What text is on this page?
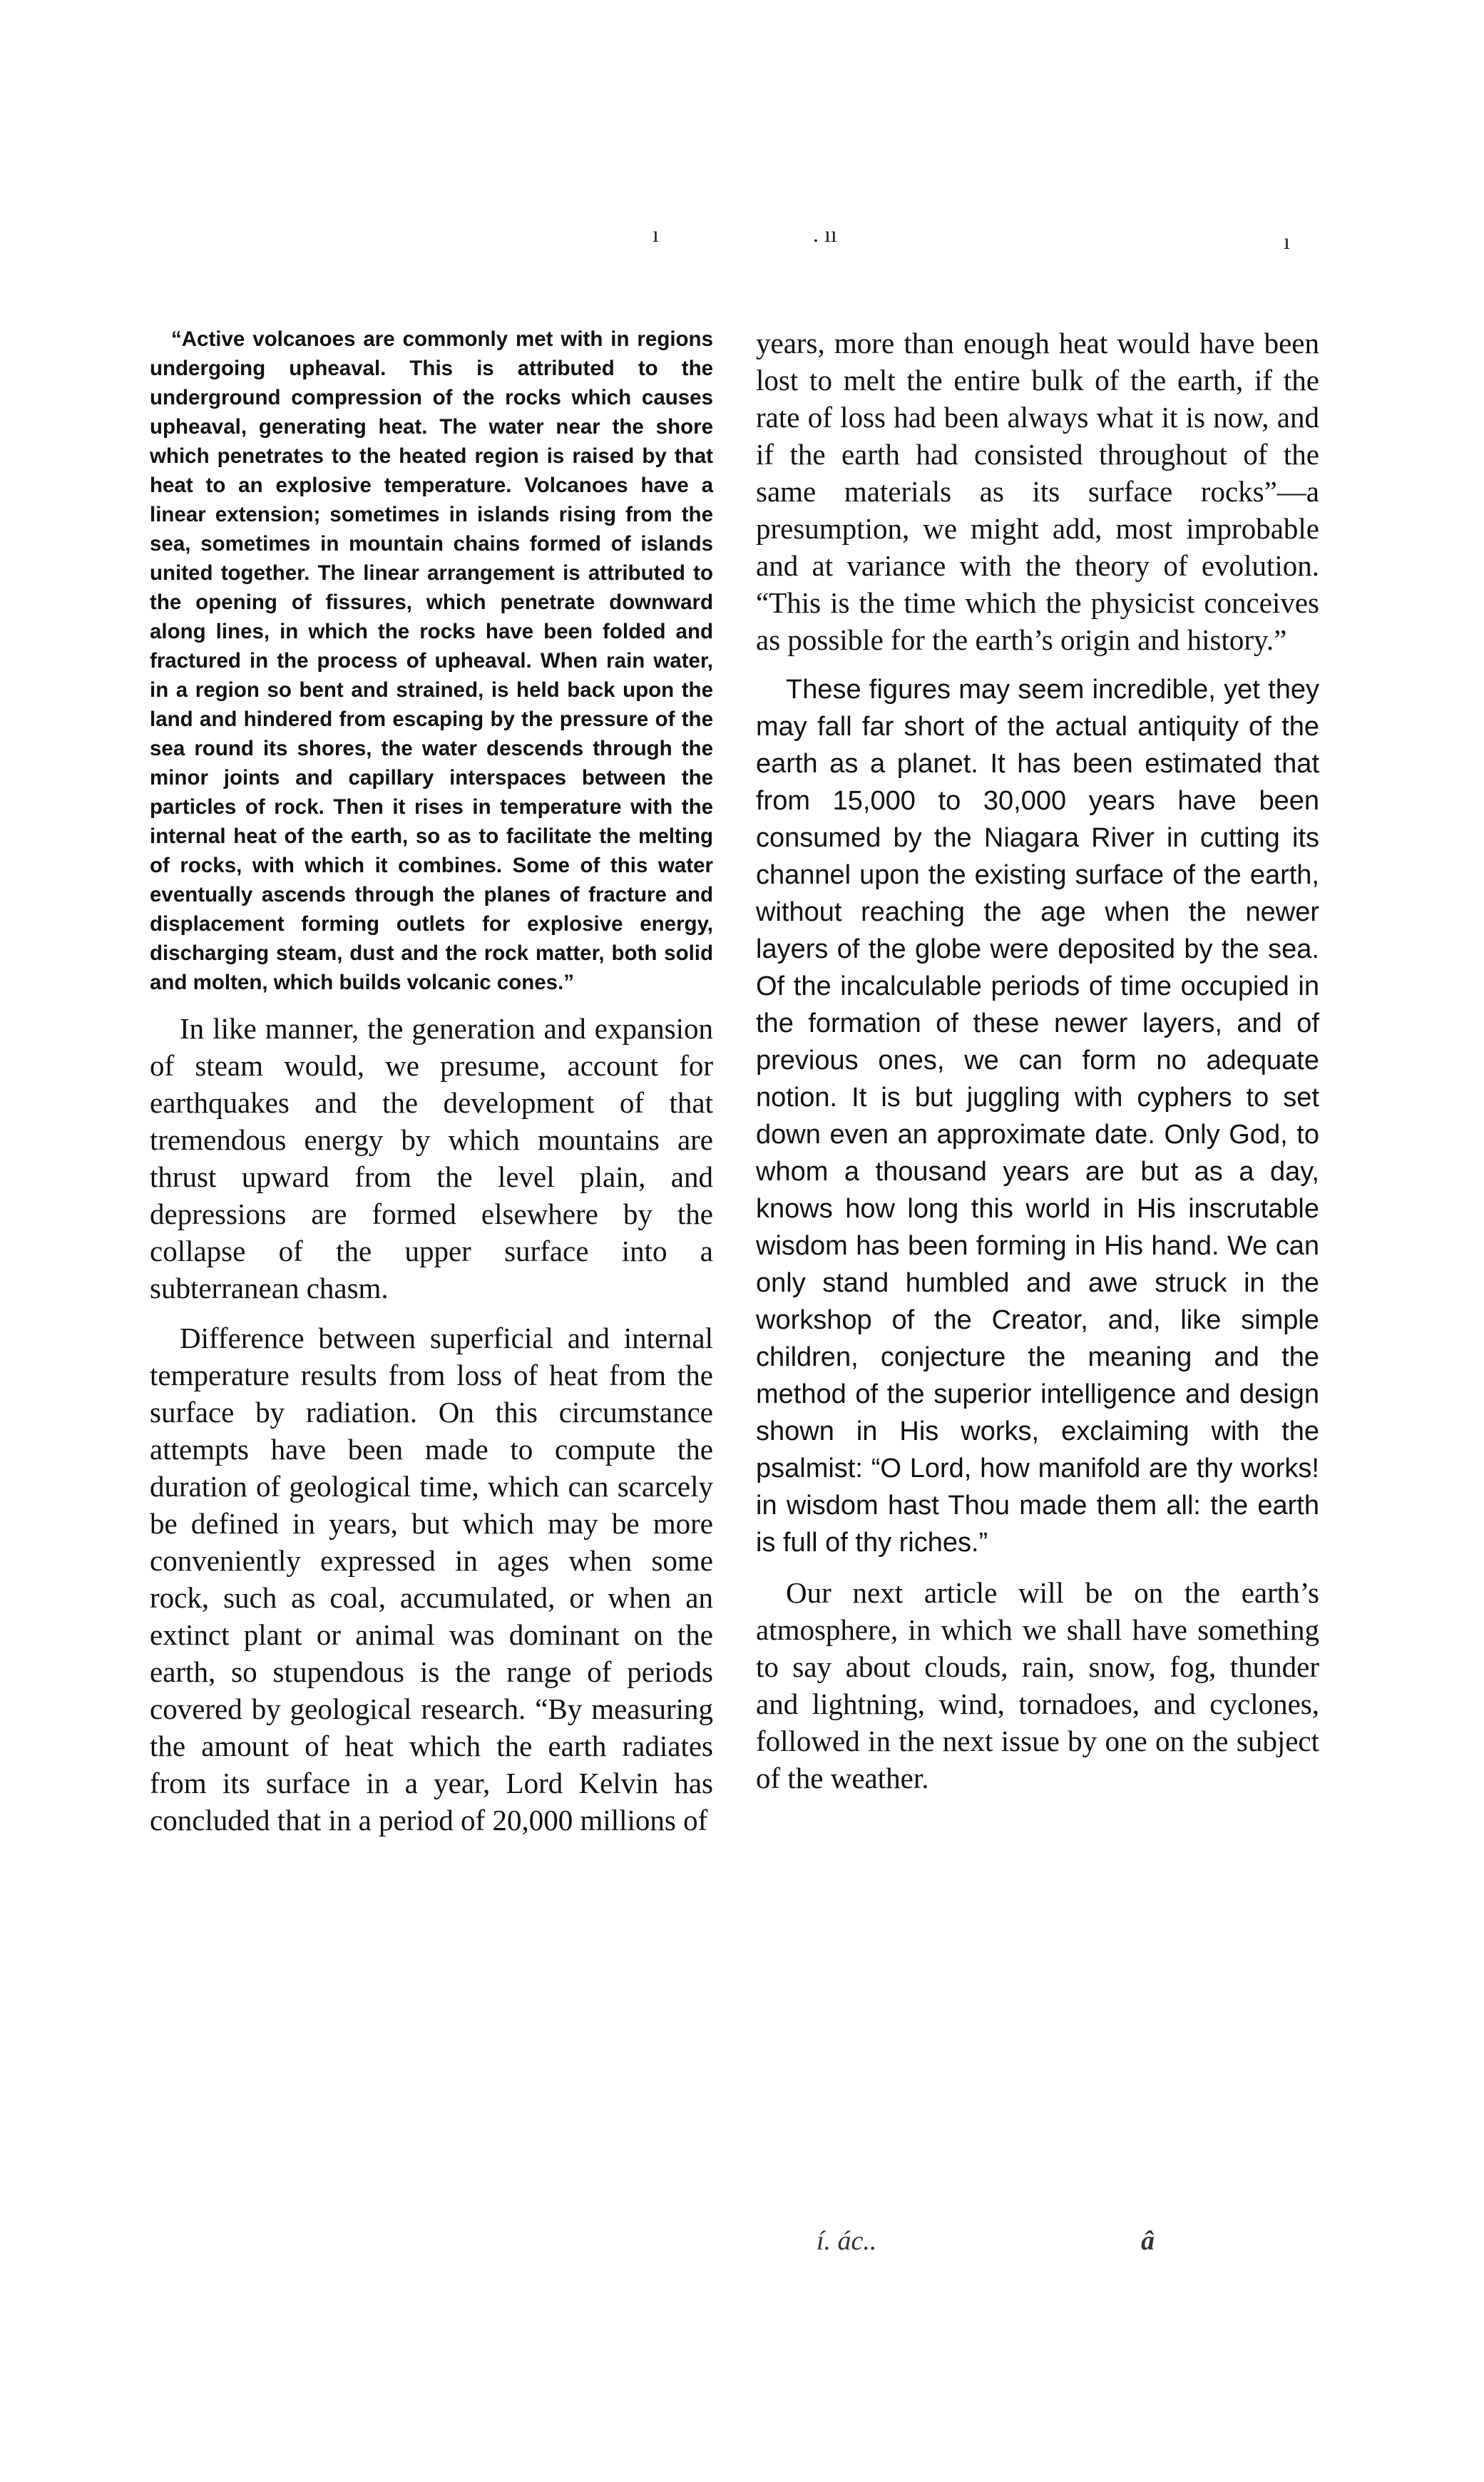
ı	. ıı	ı

“Active volcanoes are commonly met with in regions undergoing upheaval. This is attributed to the underground compression of the rocks which causes upheaval, generating heat. The water near the shore which penetrates to the heated region is raised by that heat to an explosive temperature. Volcanoes have a linear extension; sometimes in islands rising from the sea, sometimes in mountain chains formed of islands united together. The linear arrangement is attributed to the opening of fissures, which penetrate downward along lines, in which the rocks have been folded and fractured in the process of upheaval. When rain water, in a region so bent and strained, is held back upon the land and hindered from escaping by the pressure of the sea round its shores, the water descends through the minor joints and capillary interspaces between the particles of rock. Then it rises in temperature with the internal heat of the earth, so as to facilitate the melting of rocks, with which it combines. Some of this water eventually ascends through the planes of fracture and displacement forming outlets for explosive energy, discharging steam, dust and the rock matter, both solid and molten, which builds volcanic cones.”

In like manner, the generation and expansion of steam would, we presume, account for earthquakes and the development of that tremendous energy by which mountains are thrust upward from the level plain, and depressions are formed elsewhere by the collapse of the upper surface into a subterranean chasm.

Difference between superficial and internal temperature results from loss of heat from the surface by radiation. On this circumstance attempts have been made to compute the duration of geological time, which can scarcely be defined in years, but which may be more conveniently expressed in ages when some rock, such as coal, accumulated, or when an extinct plant or animal was dominant on the earth, so stupendous is the range of periods covered by geological research. “By measuring the amount of heat which the earth radiates from its surface in a year, Lord Kelvin has concluded that in a period of 20,000 millions of

years, more than enough heat would have been lost to melt the entire bulk of the earth, if the rate of loss had been always what it is now, and if the earth had consisted throughout of the same materials as its surface rocks”—a presumption, we might add, most improbable and at variance with the theory of evolution. “This is the time which the physicist conceives as possible for the earth’s origin and history.”

These figures may seem incredible, yet they may fall far short of the actual antiquity of the earth as a planet. It has been estimated that from 15,000 to 30,000 years have been consumed by the Niagara River in cutting its channel upon the existing surface of the earth, without reaching the age when the newer layers of the globe were deposited by the sea. Of the incalculable periods of time occupied in the formation of these newer layers, and of previous ones, we can form no adequate notion. It is but juggling with cyphers to set down even an approximate date. Only God, to whom a thousand years are but as a day, knows how long this world in His inscrutable wisdom has been forming in His hand. We can only stand humbled and awe struck in the workshop of the Creator, and, like simple children, conjecture the meaning and the method of the superior intelligence and design shown in His works, exclaiming with the psalmist: “O Lord, how manifold are thy works! in wisdom hast Thou made them all: the earth is full of thy riches.”

Our next article will be on the earth’s atmosphere, in which we shall have something to say about clouds, rain, snow, fog, thunder and lightning, wind, tornadoes, and cyclones, followed in the next issue by one on the subject of the weather.

í. ác..	â
